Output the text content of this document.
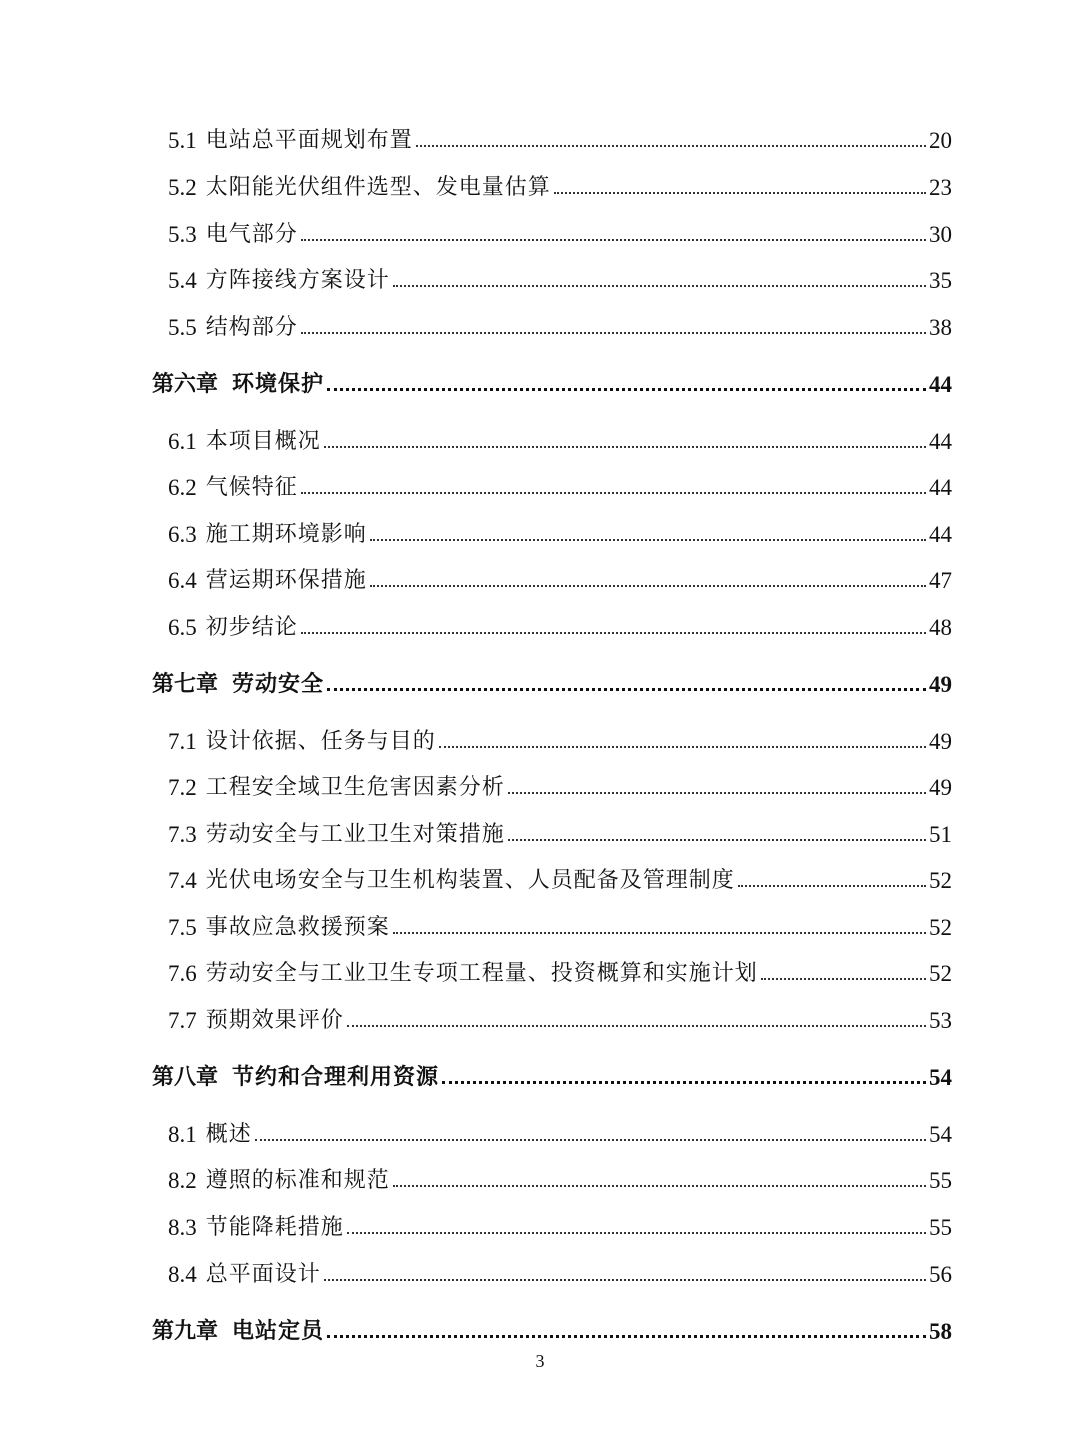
5.1 电站总平面规划布置	20
5.2 太阳能光伏组件选型、发电量估算	23
5.3 电气部分	30
5.4 方阵接线方案设计	35
5.5 结构部分	38
第六章 环境保护	44
6.1 本项目概况	44
6.2 气候特征	44
6.3 施工期环境影响	44
6.4 营运期环保措施	47
6.5 初步结论	48
第七章 劳动安全	49
7.1 设计依据、任务与目的	49
7.2 工程安全域卫生危害因素分析	49
7.3 劳动安全与工业卫生对策措施	51
7.4 光伏电场安全与卫生机构装置、人员配备及管理制度	52
7.5 事故应急救援预案	52
7.6 劳动安全与工业卫生专项工程量、投资概算和实施计划	52
7.7 预期效果评价	53
第八章 节约和合理利用资源	54
8.1 概述	54
8.2 遵照的标准和规范	55
8.3 节能降耗措施	55
8.4 总平面设计	56
第九章 电站定员	58
3
